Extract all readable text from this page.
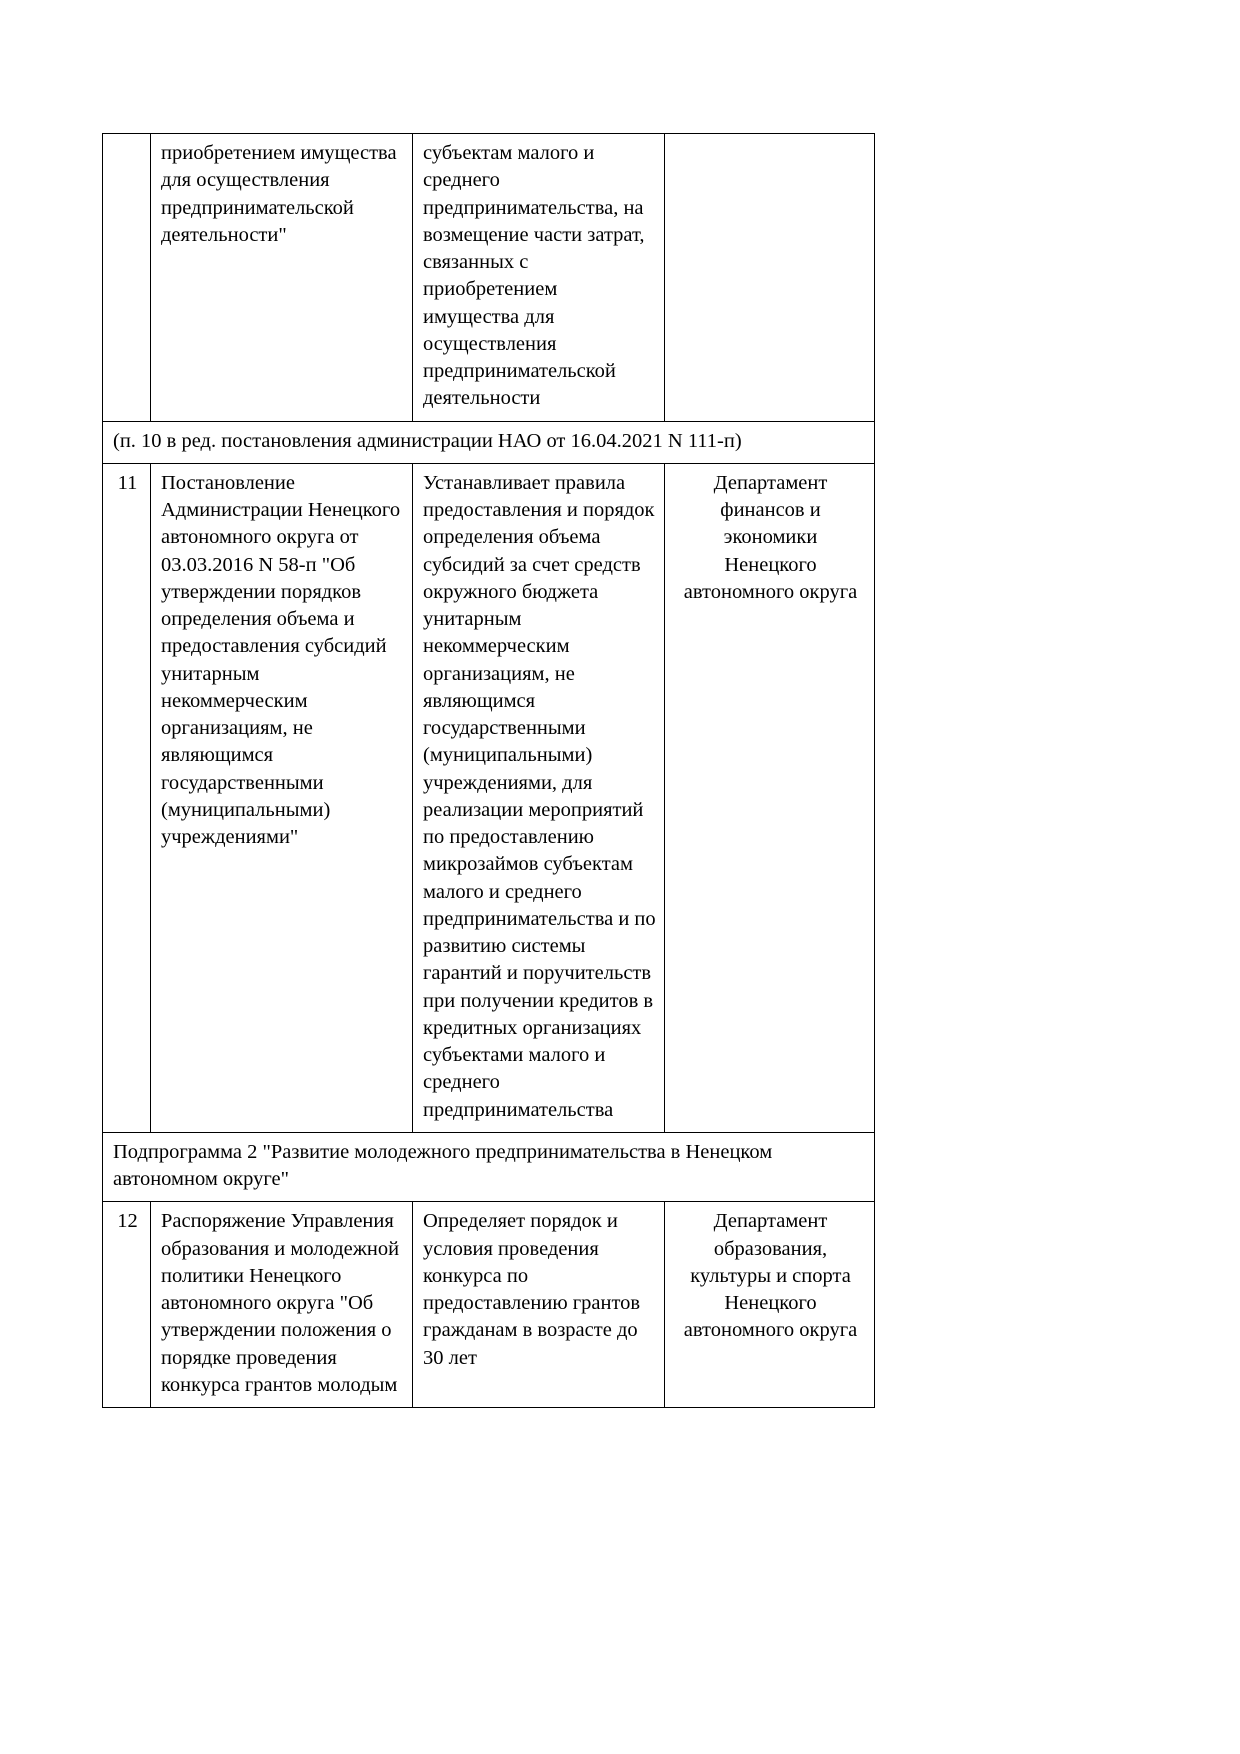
	приобретением имущества для осуществления предпринимательской деятельности"	субъектам малого и среднего предпринимательства, на возмещение части затрат, связанных с приобретением имущества для осуществления предпринимательской деятельности	
(п. 10 в ред. постановления администрации НАО от 16.04.2021 N 111-п)			
11	Постановление Администрации Ненецкого автономного округа от 03.03.2016 N 58-п "Об утверждении порядков определения объема и предоставления субсидий унитарным некоммерческим организациям, не являющимся государственными (муниципальными) учреждениями"	Устанавливает правила предоставления и порядок определения объема субсидий за счет средств окружного бюджета унитарным некоммерческим организациям, не являющимся государственными (муниципальными) учреждениями, для реализации мероприятий по предоставлению микрозаймов субъектам малого и среднего предпринимательства и по развитию системы гарантий и поручительств при получении кредитов в кредитных организациях субъектами малого и среднего предпринимательства	Департамент финансов и экономики Ненецкого автономного округа
Подпрограмма 2 "Развитие молодежного предпринимательства в Ненецком автономном округе"			
12	Распоряжение Управления образования и молодежной политики Ненецкого автономного округа "Об утверждении положения о порядке проведения конкурса грантов молодым	Определяет порядок и условия проведения конкурса по предоставлению грантов гражданам в возрасте до 30 лет	Департамент образования, культуры и спорта Ненецкого автономного округа
